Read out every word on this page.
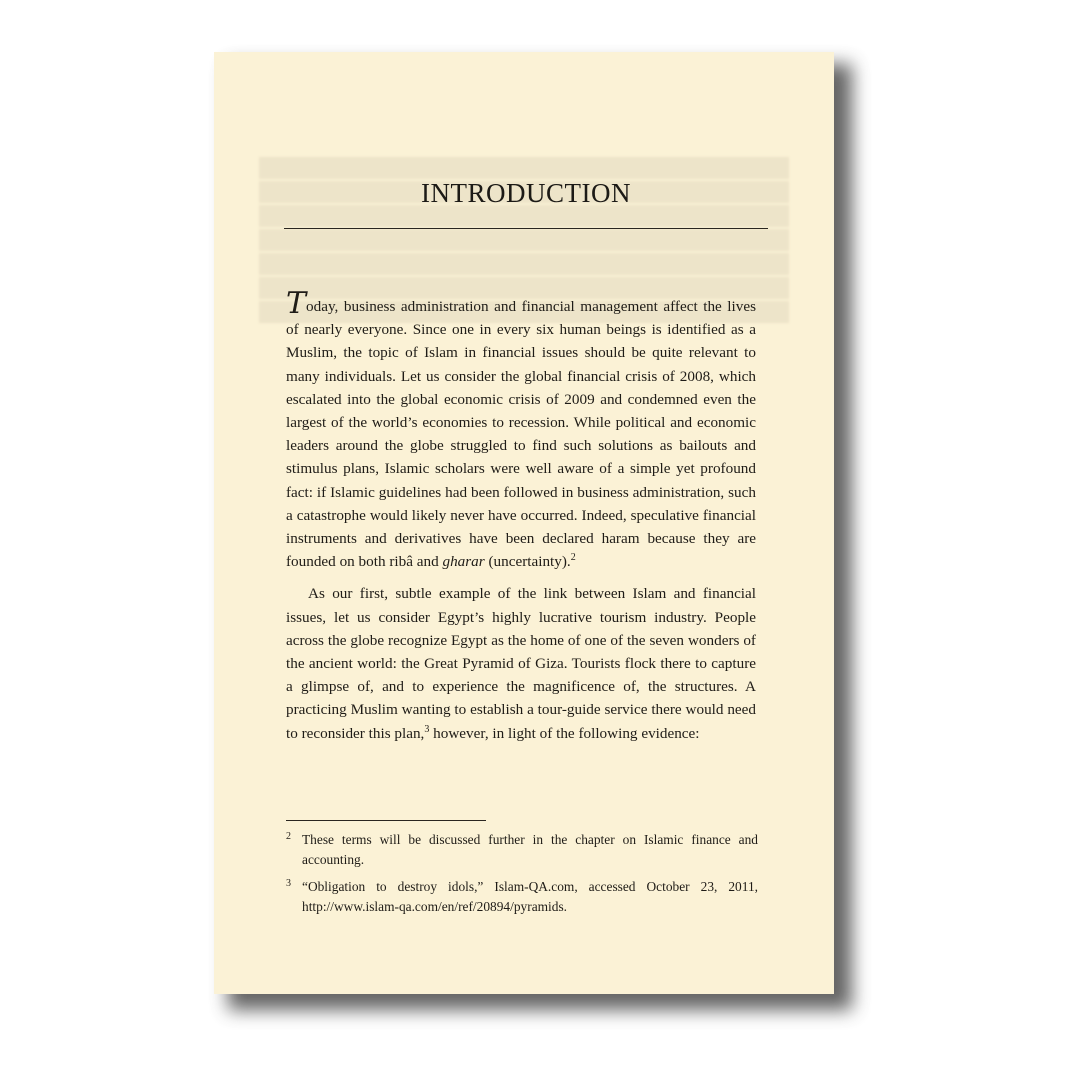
INTRODUCTION

Today, business administration and financial management affect the lives of nearly everyone. Since one in every six human beings is identified as a Muslim, the topic of Islam in financial issues should be quite relevant to many individuals. Let us consider the global financial crisis of 2008, which escalated into the global economic crisis of 2009 and condemned even the largest of the world’s economies to recession. While political and economic leaders around the globe struggled to find such solutions as bailouts and stimulus plans, Islamic scholars were well aware of a simple yet profound fact: if Islamic guidelines had been followed in business administration, such a catastrophe would likely never have occurred. Indeed, speculative financial instruments and derivatives have been declared haram because they are founded on both ribâ and gharar (uncertainty).$^2$

As our first, subtle example of the link between Islam and financial issues, let us consider Egypt’s highly lucrative tourism industry. People across the globe recognize Egypt as the home of one of the seven wonders of the ancient world: the Great Pyramid of Giza. Tourists flock there to capture a glimpse of, and to experience the magnificence of, the structures. A practicing Muslim wanting to establish a tour-guide service there would need to reconsider this plan,$^3$ however, in light of the following evidence:

2 These terms will be discussed further in the chapter on Islamic finance and accounting.
3 “Obligation to destroy idols,” Islam-QA.com, accessed October 23, 2011, http://www.islam-qa.com/en/ref/20894/pyramids.
